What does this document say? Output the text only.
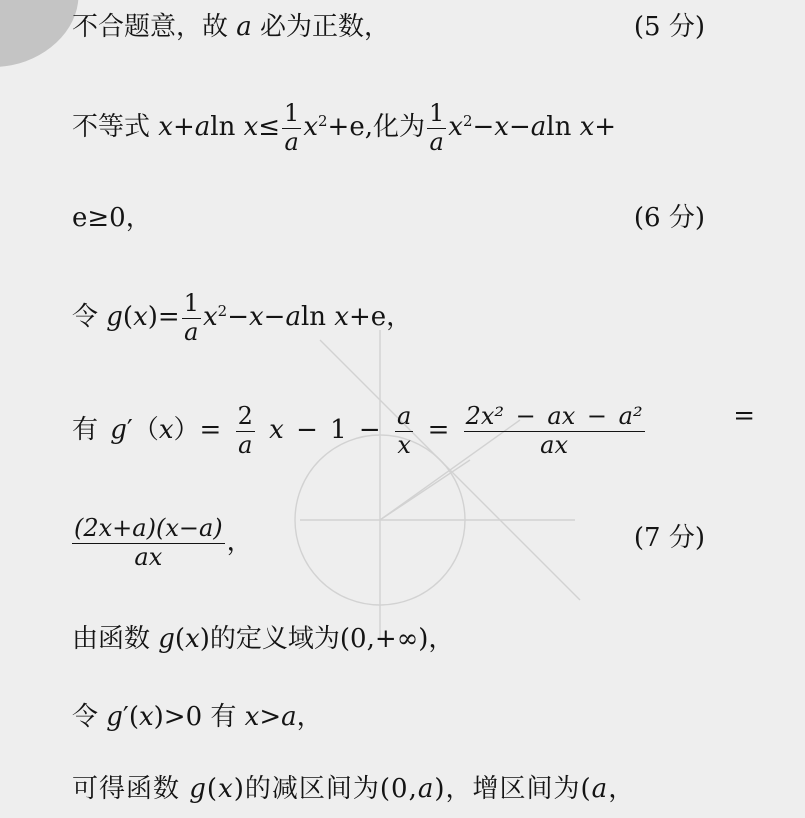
不合题意，故 a 必为正数，	(5 分)
不等式 x+aln $x\le \frac{1}{a} x^2+e$,化为 $\frac{1}{a} x^2-x-aln$ x+
e≥0，	(6 分)
令 $g(x)= \frac{1}{a} x^2-x-aln$ x+e，
有 $g'(x)= \frac{2}{a}$ $x - 1 - \frac{a}{x} = \frac{\text{2x² − ax − a²}}{ax}$	=
$\frac{(2x+a)(x-a)}{ax}$ ，	(7 分)
由函数 g(x)的定义域为(0,+∞)，
令 g′(x)>0 有 x>a，
可得函数 g(x)的减区间为(0,a)，增区间为(a，
